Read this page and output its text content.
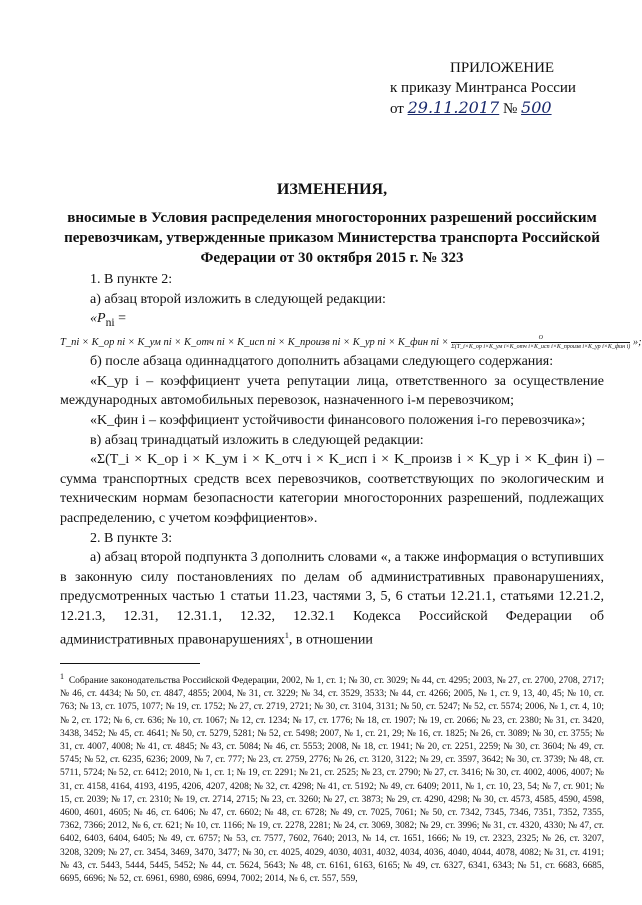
ПРИЛОЖЕНИЕ
к приказу Минтранса России
от 29.11.2017 № 500
ИЗМЕНЕНИЯ,
вносимые в Условия распределения многосторонних разрешений российским перевозчикам, утвержденные приказом Министерства транспорта Российской Федерации от 30 октября 2015 г. № 323

1. В пункте 2:

а) абзац второй изложить в следующей редакции:

«$P_{ni}$ =

T_ni × K_op ni × K_ум ni × K_отч ni × K_исп ni × K_произв ni × K_ур ni × K_фин ni ×	O
Σ(T_i×K_op i×K_ум i×K_отч i×K_исп i×K_произв i×K_ур i×K_фин i) »;

б) после абзаца одиннадцатого дополнить абзацами следующего содержания:

«K_ур i – коэффициент учета репутации лица, ответственного за осуществление международных автомобильных перевозок, назначенного i-м перевозчиком;

«K_фин i – коэффициент устойчивости финансового положения i-го перевозчика»;

в) абзац тринадцатый изложить в следующей редакции:

«Σ(T_i × K_op i × K_ум i × K_отч i × K_исп i × K_произв i × K_ур i × K_фин i) – сумма транспортных средств всех перевозчиков, соответствующих по экологическим и техническим нормам безопасности категории многосторонних разрешений, подлежащих распределению, с учетом коэффициентов».

2. В пункте 3:

а) абзац второй подпункта 3 дополнить словами «, а также информация о вступивших в законную силу постановлениях по делам об административных правонарушениях, предусмотренных частью 1 статьи 11.23, частями 3, 5, 6 статьи 12.21.1, статьями 12.21.2, 12.21.3, 12.31, 12.31.1, 12.32, 12.32.1 Кодекса Российской Федерации об административных правонарушениях$^1$, в отношении

$^1$ Собрание законодательства Российской Федерации, 2002, № 1, ст. 1; № 30, ст. 3029; № 44, ст. 4295; 2003, № 27, ст. 2700, 2708, 2717; № 46, ст. 4434; № 50, ст. 4847, 4855; 2004, № 31, ст. 3229; № 34, ст. 3529, 3533; № 44, ст. 4266; 2005, № 1, ст. 9, 13, 40, 45; № 10, ст. 763; № 13, ст. 1075, 1077; № 19, ст. 1752; № 27, ст. 2719, 2721; № 30, ст. 3104, 3131; № 50, ст. 5247; № 52, ст. 5574; 2006, № 1, ст. 4, 10; № 2, ст. 172; № 6, ст. 636; № 10, ст. 1067; № 12, ст. 1234; № 17, ст. 1776; № 18, ст. 1907; № 19, ст. 2066; № 23, ст. 2380; № 31, ст. 3420, 3438, 3452; № 45, ст. 4641; № 50, ст. 5279, 5281; № 52, ст. 5498; 2007, № 1, ст. 21, 29; № 16, ст. 1825; № 26, ст. 3089; № 30, ст. 3755; № 31, ст. 4007, 4008; № 41, ст. 4845; № 43, ст. 5084; № 46, ст. 5553; 2008, № 18, ст. 1941; № 20, ст. 2251, 2259; № 30, ст. 3604; № 49, ст. 5745; № 52, ст. 6235, 6236; 2009, № 7, ст. 777; № 23, ст. 2759, 2776; № 26, ст. 3120, 3122; № 29, ст. 3597, 3642; № 30, ст. 3739; № 48, ст. 5711, 5724; № 52, ст. 6412; 2010, № 1, ст. 1; № 19, ст. 2291; № 21, ст. 2525; № 23, ст. 2790; № 27, ст. 3416; № 30, ст. 4002, 4006, 4007; № 31, ст. 4158, 4164, 4193, 4195, 4206, 4207, 4208; № 32, ст. 4298; № 41, ст. 5192; № 49, ст. 6409; 2011, № 1, ст. 10, 23, 54; № 7, ст. 901; № 15, ст. 2039; № 17, ст. 2310; № 19, ст. 2714, 2715; № 23, ст. 3260; № 27, ст. 3873; № 29, ст. 4290, 4298; № 30, ст. 4573, 4585, 4590, 4598, 4600, 4601, 4605; № 46, ст. 6406; № 47, ст. 6602; № 48, ст. 6728; № 49, ст. 7025, 7061; № 50, ст. 7342, 7345, 7346, 7351, 7352, 7355, 7362, 7366; 2012, № 6, ст. 621; № 10, ст. 1166; № 19, ст. 2278, 2281; № 24, ст. 3069, 3082; № 29, ст. 3996; № 31, ст. 4320, 4330; № 47, ст. 6402, 6403, 6404, 6405; № 49, ст. 6757; № 53, ст. 7577, 7602, 7640; 2013, № 14, ст. 1651, 1666; № 19, ст. 2323, 2325; № 26, ст. 3207, 3208, 3209; № 27, ст. 3454, 3469, 3470, 3477; № 30, ст. 4025, 4029, 4030, 4031, 4032, 4034, 4036, 4040, 4044, 4078, 4082; № 31, ст. 4191; № 43, ст. 5443, 5444, 5445, 5452; № 44, ст. 5624, 5643; № 48, ст. 6161, 6163, 6165; № 49, ст. 6327, 6341, 6343; № 51, ст. 6683, 6685, 6695, 6696; № 52, ст. 6961, 6980, 6986, 6994, 7002; 2014, № 6, ст. 557, 559,
